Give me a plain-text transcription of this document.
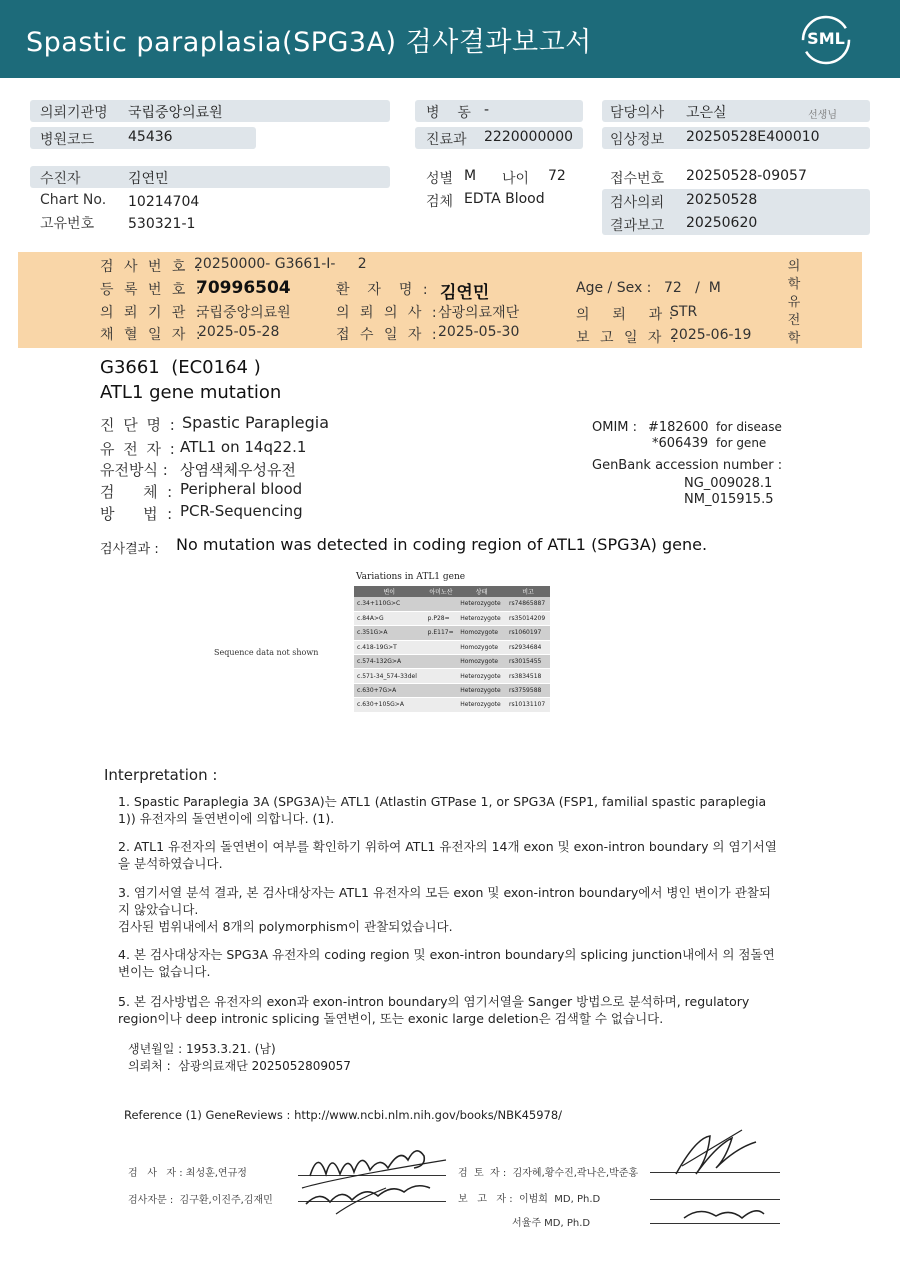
Spastic paraplasia(SPG3A) 검사결과보고서	SML
의뢰기관명 국립중앙의료원
병원코드 45436
병    동 -
진료과 2220000000
담당의사 고은실	선생님
임상정보 20250528E400010
수진자	김연민
Chart No. 10214704
고유번호 530321-1
성별 M 나이 72
검체 EDTA Blood
접수번호 20250528-09057
검사의뢰 20250528
결과보고 20250620
검 사 번 호 :
20250000- G3661-I-     2
등 록 번 호 :
70996504	환  자  명 : 김연민	Age / Sex : 72   /  M
의 뢰 기 관 :
국립중앙의료원	의 뢰 의 사 :
삼광의료재단	의    뢰    과 :
STR
채 혈 일 자 :
2025-05-28	접 수 일 자 :
2025-05-30	보 고 일 자 :
2025-06-19
의학유전학
G3661  (EC0164 )
ATL1 gene mutation
진 단 명 : Spastic Paraplegia
유 전 자 : ATL1 on 14q22.1
유전방식 : 상염색체우성유전
검      체  : Peripheral blood
방      법  : PCR-Sequencing
OMIM : #182600 for disease
*606439 for gene
GenBank accession number :
NG_009028.1
NM_015915.5
검사결과 : No mutation was detected in coding region of ATL1 (SPG3A) gene.
Variations in ATL1 gene
Sequence data not shown
변이	아미노산	상태	비고
c.34+110G>C		Heterozygote	rs74865887
c.84A>G	p.P28=	Heterozygote	rs35014209
c.351G>A	p.E117=	Homozygote	rs1060197
c.418-19G>T		Homozygote	rs2934684
c.574-132G>A		Homozygote	rs3015455
c.571-34_574-33del		Heterozygote	rs3834518
c.630+7G>A		Heterozygote	rs3759588
c.630+105G>A		Heterozygote	rs10131107
Interpretation :
1. Spastic Paraplegia 3A (SPG3A)는 ATL1 (Atlastin GTPase 1, or SPG3A (FSP1, familial spastic paraplegia 1)) 유전자의 돌연변이에 의합니다. (1).
2. ATL1 유전자의 돌연변이 여부를 확인하기 위하여 ATL1 유전자의 14개 exon 및 exon-intron boundary 의 염기서열을 분석하였습니다.
3. 염기서열 분석 결과, 본 검사대상자는 ATL1 유전자의 모든 exon 및 exon-intron boundary에서 병인 변이가 관찰되지 않았습니다.
검사된 범위내에서 8개의 polymorphism이 관찰되었습니다.
4. 본 검사대상자는 SPG3A 유전자의 coding region 및 exon-intron boundary의 splicing junction내에서 의 점돌연변이는 없습니다.
5. 본 검사방법은 유전자의 exon과 exon-intron boundary의 염기서열을 Sanger 방법으로 분석하며, regulatory region이나 deep intronic splicing 돌연변이, 또는 exonic large deletion은 검색할 수 없습니다.
생년월일 : 1953.3.21. (남)
의뢰처 :  삼광의료재단 2025052809057
Reference (1) GeneReviews : http://www.ncbi.nlm.nih.gov/books/NBK45978/
검   사   자 : 최성훈,연규정
검사자문 :  김구환,이진주,김재민
검  토  자 :  김자혜,황수진,곽나은,박준홍
보   고   자 :  이범희  MD, Ph.D
서율주 MD, Ph.D
